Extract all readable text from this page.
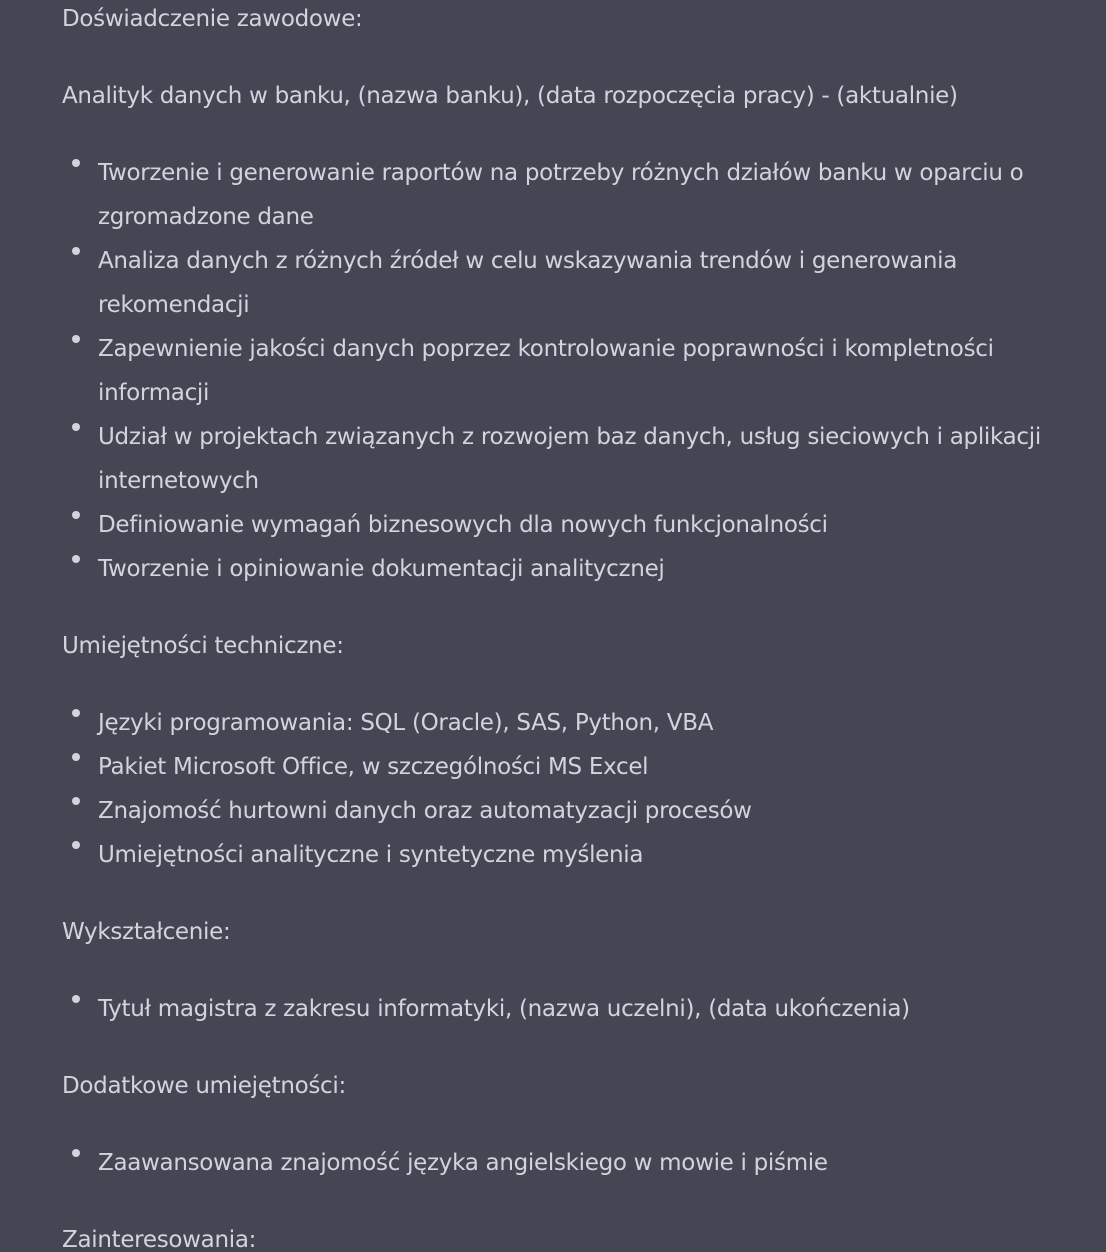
Doświadczenie zawodowe:

Analityk danych w banku, (nazwa banku), (data rozpoczęcia pracy) - (aktualnie)

Tworzenie i generowanie raportów na potrzeby różnych działów banku w oparciu o zgromadzone dane
Analiza danych z różnych źródeł w celu wskazywania trendów i generowania rekomendacji
Zapewnienie jakości danych poprzez kontrolowanie poprawności i kompletności informacji
Udział w projektach związanych z rozwojem baz danych, usług sieciowych i aplikacji internetowych
Definiowanie wymagań biznesowych dla nowych funkcjonalności
Tworzenie i opiniowanie dokumentacji analitycznej

Umiejętności techniczne:

Języki programowania: SQL (Oracle), SAS, Python, VBA
Pakiet Microsoft Office, w szczególności MS Excel
Znajomość hurtowni danych oraz automatyzacji procesów
Umiejętności analityczne i syntetyczne myślenia

Wykształcenie:

Tytuł magistra z zakresu informatyki, (nazwa uczelni), (data ukończenia)

Dodatkowe umiejętności:

Zaawansowana znajomość języka angielskiego w mowie i piśmie

Zainteresowania:
